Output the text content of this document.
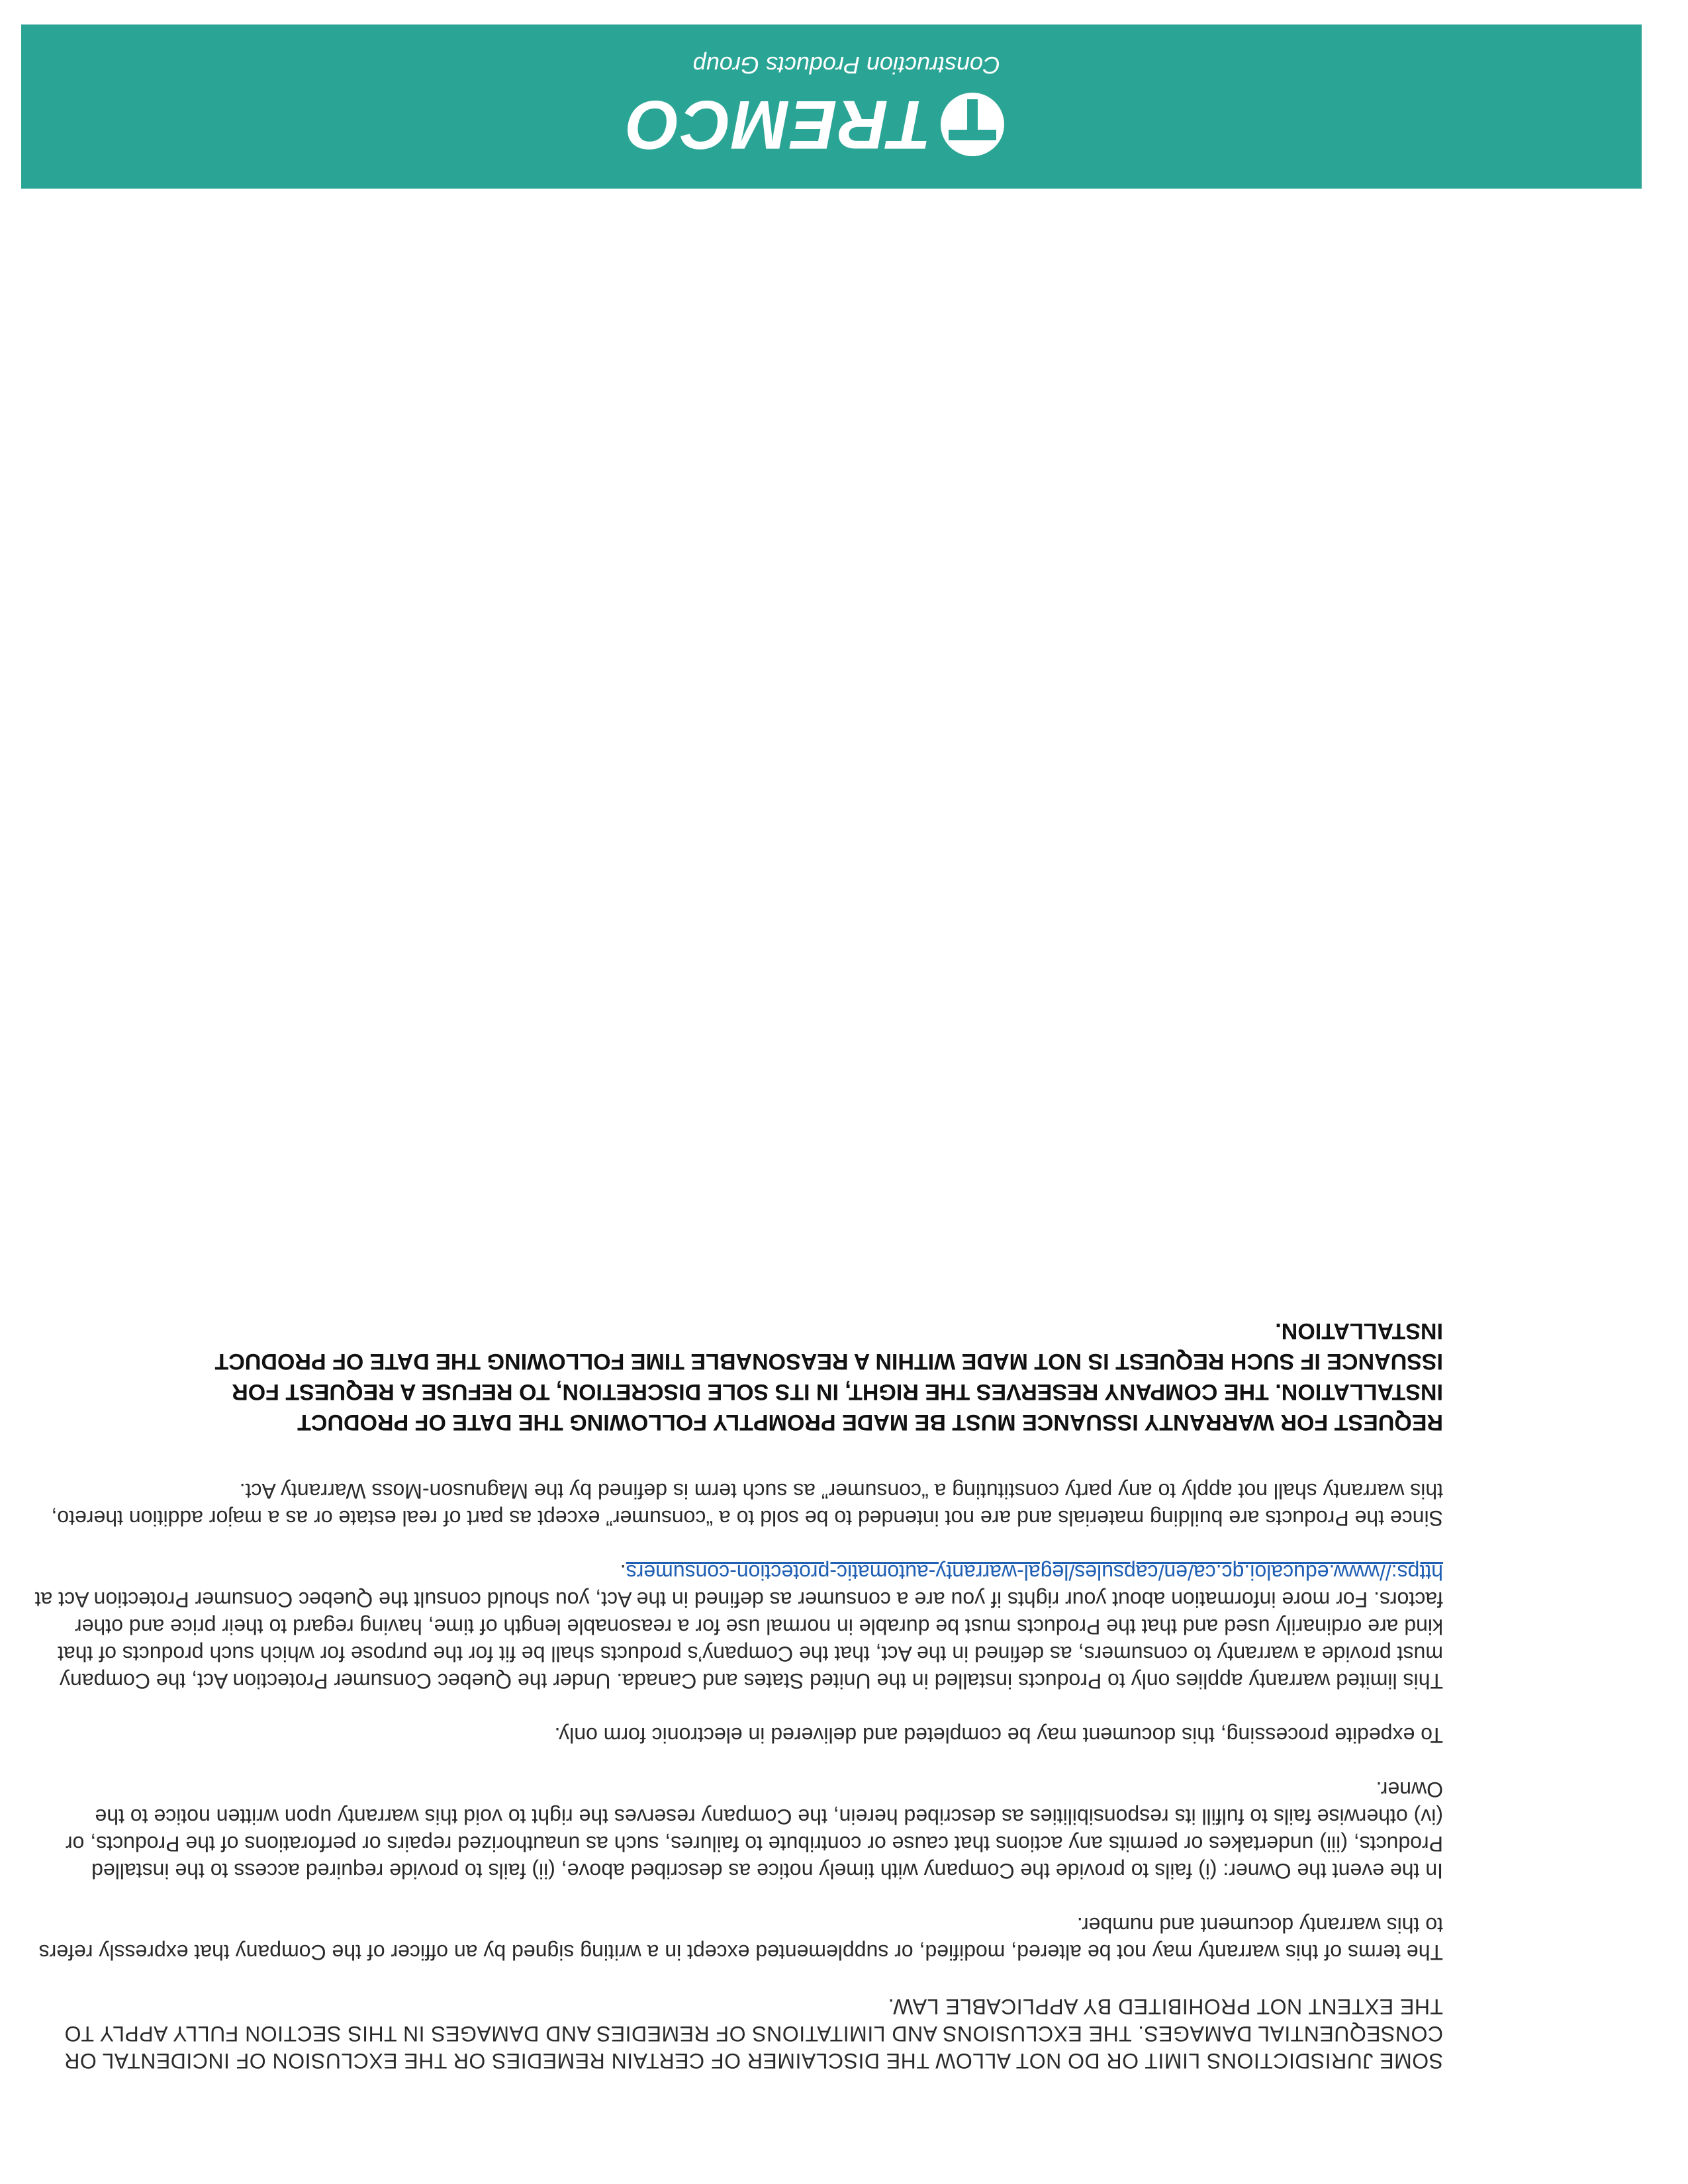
SOME JURISDICTIONS LIMIT OR DO NOT ALLOW THE DISCLAIMER OF CERTAIN REMEDIES OR THE EXCLUSION OF INCIDENTAL OR CONSEQUENTIAL DAMAGES. THE EXCLUSIONS AND LIMITATIONS OF REMEDIES AND DAMAGES IN THIS SECTION FULLY APPLY TO THE EXTENT NOT PROHIBITED BY APPLICABLE LAW.

The terms of this warranty may not be altered, modified, or supplemented except in a writing signed by an officer of the Company that expressly refers to this warranty document and number.

In the event the Owner: (i) fails to provide the Company with timely notice as described above, (ii) fails to provide required access to the installed Products, (iii) undertakes or permits any actions that cause or contribute to failures, such as unauthorized repairs or perforations of the Products, or (iv) otherwise fails to fulfill its responsibilities as described herein, the Company reserves the right to void this warranty upon written notice to the Owner.

To expedite processing, this document may be completed and delivered in electronic form only.

This limited warranty applies only to Products installed in the United States and Canada. Under the Quebec Consumer Protection Act, the Company must provide a warranty to consumers, as defined in the Act, that the Company’s products shall be fit for the purpose for which such products of that kind are ordinarily used and that the Products must be durable in normal use for a reasonable length of time, having regard to their price and other factors. For more information about your rights if you are a consumer as defined in the Act, you should consult the Quebec Consumer Protection Act at https://www.educaloi.qc.ca/en/capsules/legal-warranty-automatic-protection-consumers.

Since the Products are building materials and are not intended to be sold to a “consumer” except as part of real estate or as a major addition thereto, this warranty shall not apply to any party constituting a “consumer” as such term is defined by the Magnuson-Moss Warranty Act.

REQUEST FOR WARRANTY ISSUANCE MUST BE MADE PROMPTLY FOLLOWING THE DATE OF PRODUCT INSTALLATION. THE COMPANY RESERVES THE RIGHT, IN ITS SOLE DISCRETION, TO REFUSE A REQUEST FOR ISSUANCE IF SUCH REQUEST IS NOT MADE WITHIN A REASONABLE TIME FOLLOWING THE DATE OF PRODUCT INSTALLATION.

TREMCO
Construction Products Group
